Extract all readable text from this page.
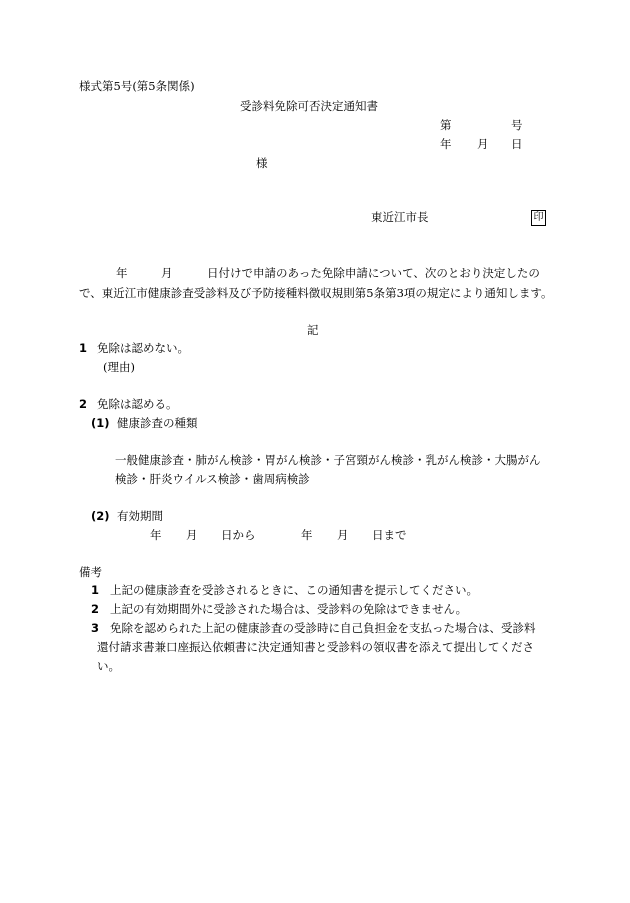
様式第5号(第5条関係)
受診料免除可否決定通知書
第	号
年 月 日
様
東近江市長	印
年	月	日付けで申請のあった免除申請について、次のとおり決定したの
で、東近江市健康診査受診料及び予防接種料徴収規則第5条第3項の規定により通知します。
記
1 免除は認めない。
(理由)
2 免除は認める。
(1) 健康診査の種類
一般健康診査・肺がん検診・胃がん検診・子宮頸がん検診・乳がん検診・大腸がん
検診・肝炎ウイルス検診・歯周病検診
(2) 有効期間
年 月 日から	年 月 日まで
備考
1 上記の健康診査を受診されるときに、この通知書を提示してください。
2 上記の有効期間外に受診された場合は、受診料の免除はできません。
3 免除を認められた上記の健康診査の受診時に自己負担金を支払った場合は、受診料
還付請求書兼口座振込依頼書に決定通知書と受診料の領収書を添えて提出してくださ
い。
